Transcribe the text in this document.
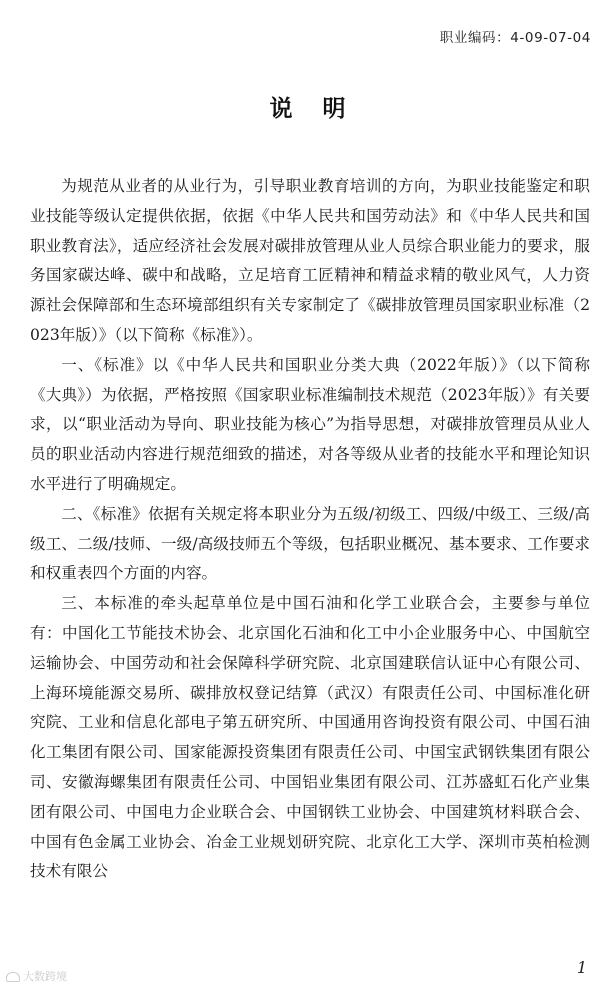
职业编码：4-09-07-04
说明

为规范从业者的从业行为，引导职业教育培训的方向，为职业技能鉴定和职业技能等级认定提供依据，依据《中华人民共和国劳动法》和《中华人民共和国职业教育法》，适应经济社会发展对碳排放管理从业人员综合职业能力的要求，服务国家碳达峰、碳中和战略，立足培育工匠精神和精益求精的敬业风气，人力资源社会保障部和生态环境部组织有关专家制定了《碳排放管理员国家职业标准（2023年版）》（以下简称《标准》）。

一、《标准》以《中华人民共和国职业分类大典（2022年版）》（以下简称《大典》）为依据，严格按照《国家职业标准编制技术规范（2023年版）》有关要求，以“职业活动为导向、职业技能为核心”为指导思想，对碳排放管理员从业人员的职业活动内容进行规范细致的描述，对各等级从业者的技能水平和理论知识水平进行了明确规定。

二、《标准》依据有关规定将本职业分为五级/初级工、四级/中级工、三级/高级工、二级/技师、一级/高级技师五个等级，包括职业概况、基本要求、工作要求和权重表四个方面的内容。

三、本标准的牵头起草单位是中国石油和化学工业联合会，主要参与单位有：中国化工节能技术协会、北京国化石油和化工中小企业服务中心、中国航空运输协会、中国劳动和社会保障科学研究院、北京国建联信认证中心有限公司、上海环境能源交易所、碳排放权登记结算（武汉）有限责任公司、中国标准化研究院、工业和信息化部电子第五研究所、中国通用咨询投资有限公司、中国石油化工集团有限公司、国家能源投资集团有限责任公司、中国宝武钢铁集团有限公司、安徽海螺集团有限责任公司、中国铝业集团有限公司、江苏盛虹石化产业集团有限公司、中国电力企业联合会、中国钢铁工业协会、中国建筑材料联合会、中国有色金属工业协会、冶金工业规划研究院、北京化工大学、深圳市英柏检测技术有限公

大数跨境	1
